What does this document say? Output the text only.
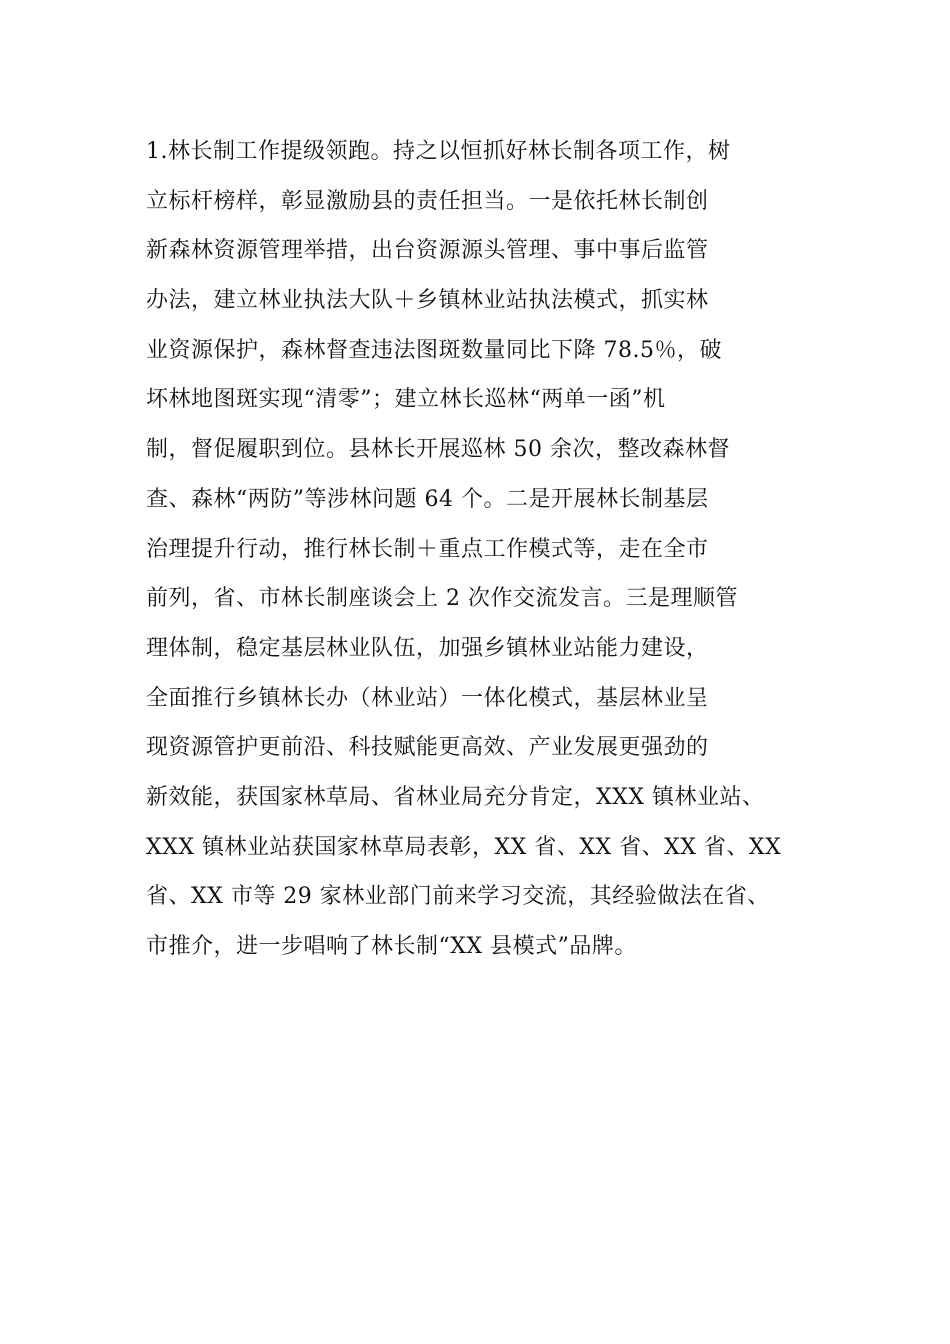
1.林长制工作提级领跑。持之以恒抓好林长制各项工作，树
立标杆榜样，彰显激励县的责任担当。一是依托林长制创
新森林资源管理举措，出台资源源头管理、事中事后监管
办法，建立林业执法大队＋乡镇林业站执法模式，抓实林
业资源保护，森林督查违法图斑数量同比下降 78.5％，破
坏林地图斑实现“清零”；建立林长巡林“两单一函”机
制，督促履职到位。县林长开展巡林 50 余次，整改森林督
查、森林“两防”等涉林问题 64 个。二是开展林长制基层
治理提升行动，推行林长制＋重点工作模式等，走在全市
前列，省、市林长制座谈会上 2 次作交流发言。三是理顺管
理体制，稳定基层林业队伍，加强乡镇林业站能力建设，
全面推行乡镇林长办（林业站）一体化模式，基层林业呈
现资源管护更前沿、科技赋能更高效、产业发展更强劲的
新效能，获国家林草局、省林业局充分肯定，XXX 镇林业站、
XXX 镇林业站获国家林草局表彰，XX 省、XX 省、XX 省、XX
省、XX 市等 29 家林业部门前来学习交流，其经验做法在省、
市推介，进一步唱响了林长制“XX 县模式”品牌。
